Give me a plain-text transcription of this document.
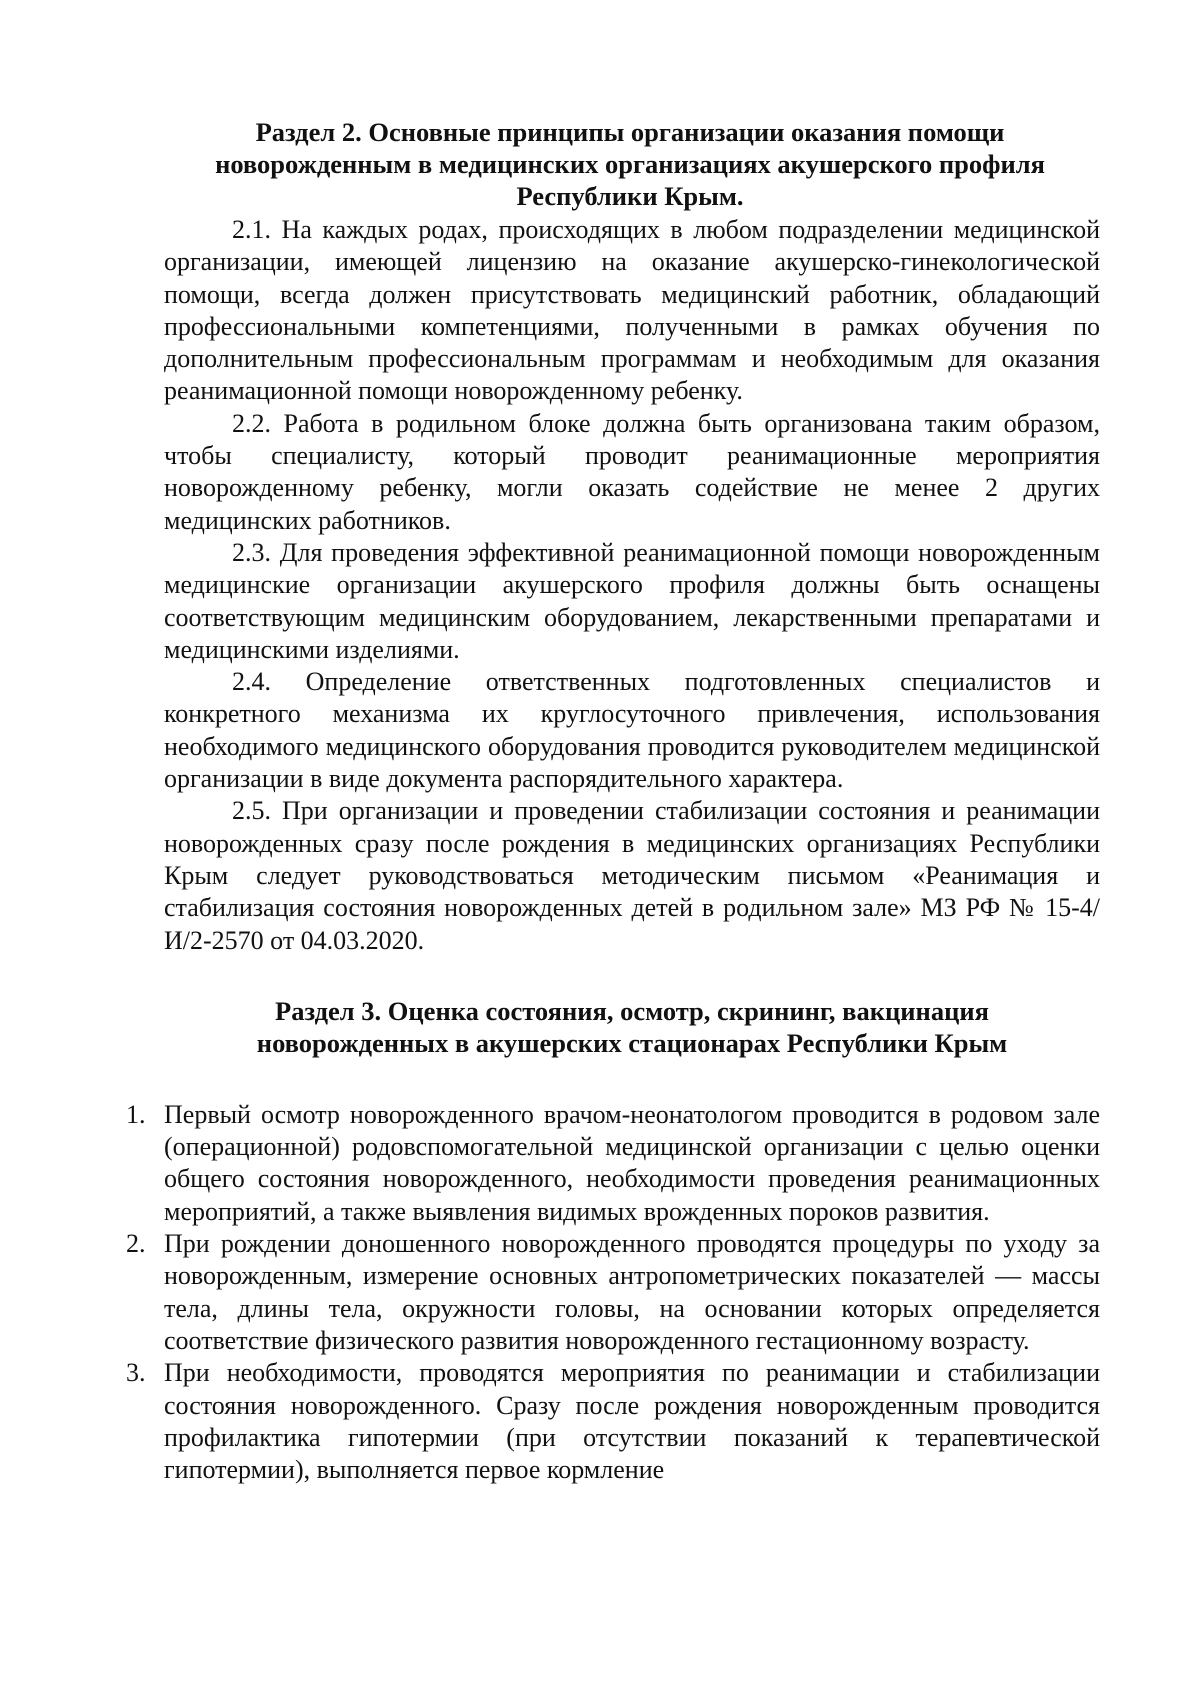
Раздел 2. Основные принципы организации оказания помощи
новорожденным в медицинских организациях акушерского профиля
Республики Крым.

2.1. На каждых родах, происходящих в любом подразделении медицинской организации, имеющей лицензию на оказание акушерско-гинекологической помощи, всегда должен присутствовать медицинский работник, обладающий профессиональными компетенциями, полученными в рамках обучения по дополнительным профессиональным программам и необходимым для оказания реанимационной помощи новорожденному ребенку.

2.2. Работа в родильном блоке должна быть организована таким образом, чтобы специалисту, который проводит реанимационные мероприятия новорожденному ребенку, могли оказать содействие не менее 2 других медицинских работников.

2.3. Для проведения эффективной реанимационной помощи новорожденным медицинские организации акушерского профиля должны быть оснащены соответствующим медицинским оборудованием, лекарственными препаратами и медицинскими изделиями.

2.4. Определение ответственных подготовленных специалистов и конкретного механизма их круглосуточного привлечения, использования необходимого медицинского оборудования проводится руководителем медицинской организации в виде документа распорядительного характера.

2.5. При организации и проведении стабилизации состояния и реанимации новорожденных сразу после рождения в медицинских организациях Республики Крым следует руководствоваться методическим письмом «Реанимация и стабилизация состояния новорожденных детей в родильном зале» МЗ РФ № 15-4/И/2-2570 от 04.03.2020.

Раздел 3. Оценка состояния, осмотр, скрининг, вакцинация
новорожденных в акушерских стационарах Республики Крым
1. Первый осмотр новорожденного врачом-неонатологом проводится в родовом зале (операционной) родовспомогательной медицинской организации с целью оценки общего состояния новорожденного, необходимости проведения реанимационных мероприятий, а также выявления видимых врожденных пороков развития.
2. При рождении доношенного новорожденного проводятся процедуры по уходу за новорожденным, измерение основных антропометрических показателей — массы тела, длины тела, окружности головы, на основании которых определяется соответствие физического развития новорожденного гестационному возрасту.
3. При необходимости, проводятся мероприятия по реанимации и стабилизации состояния новорожденного. Сразу после рождения новорожденным проводится профилактика гипотермии (при отсутствии показаний к терапевтической гипотермии), выполняется первое кормление
